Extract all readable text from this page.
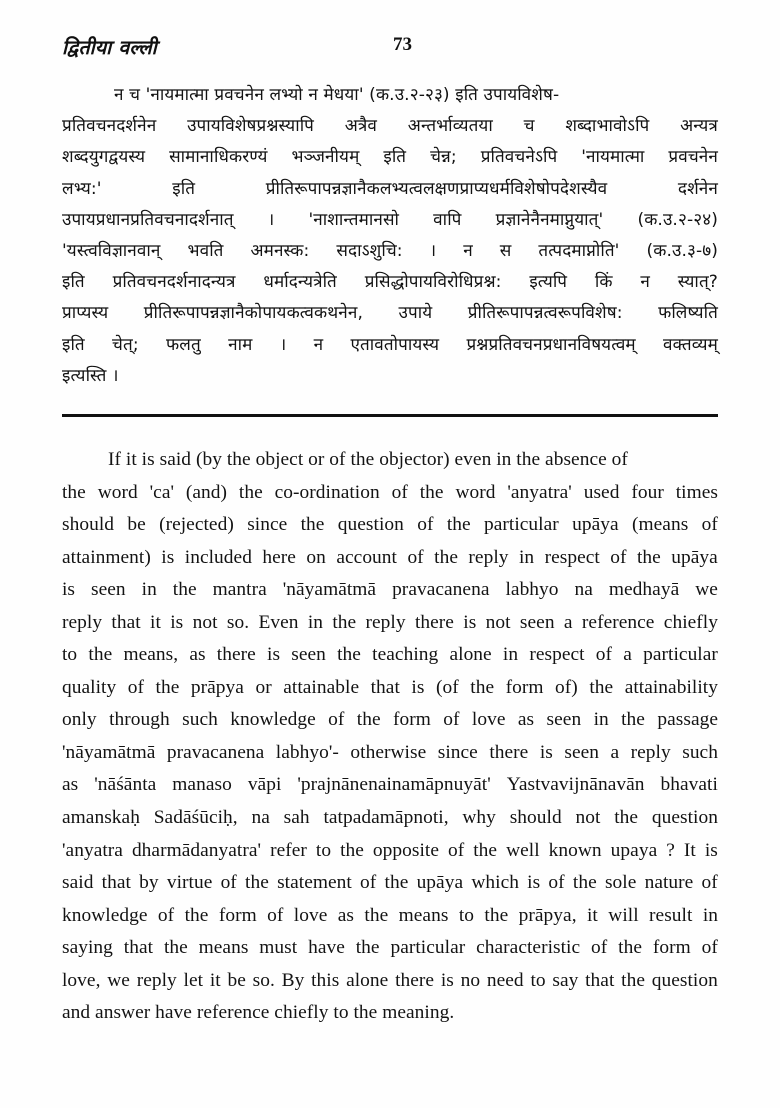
द्वितीया वल्ली	73
न च 'नायमात्मा प्रवचनेन लभ्यो न मेधया' (क.उ.२-२३) इति उपायविशेष-
प्रतिवचनदर्शनेन उपायविशेषप्रश्नस्यापि अत्रैव अन्तर्भाव्यतया च शब्दाभावोऽपि अन्यत्र
शब्दयुगद्वयस्य सामानाधिकरण्यं भञ्जनीयम् इति चेन्न; प्रतिवचनेऽपि 'नायमात्मा प्रवचनेन
लभ्य:'	इति	प्रीतिरूपापन्नज्ञानैकलभ्यत्वलक्षणप्राप्यधर्मविशेषोपदेशस्यैव	दर्शनेन
उपायप्रधानप्रतिवचनादर्शनात् । 'नाशान्तमानसो वापि प्रज्ञानेनैनमाप्नुयात्' (क.उ.२-२४)
'यस्त्वविज्ञानवान् भवति अमनस्क: सदाऽशुचि: । न स तत्पदमाप्नोति' (क.उ.३-७)
इति प्रतिवचनदर्शनादन्यत्र धर्मादन्यत्रेति प्रसिद्धोपायविरोधिप्रश्न: इत्यपि किं न स्यात्?
प्राप्यस्य प्रीतिरूपापन्नज्ञानैकोपायकत्वकथनेन, उपाये प्रीतिरूपापन्नत्वरूपविशेष: फलिष्यति
इति चेत्; फलतु नाम । न एतावतोपायस्य प्रश्नप्रतिवचनप्रधानविषयत्वम् वक्तव्यम्
इत्यस्ति ।
If it is said (by the object or of the objector) even in the absence of
the word 'ca' (and) the co-ordination of the word 'anyatra' used four times
should be (rejected) since the question of the particular upāya (means of
attainment) is included here on account of the reply in respect of the upāya
is seen in the mantra 'nāyamātmā pravacanena labhyo na medhayā we
reply that it is not so. Even in the reply there is not seen a reference chiefly
to the means, as there is seen the teaching alone in respect of a particular
quality of the prāpya or attainable that is (of the form of) the attainability
only through such knowledge of the form of love as seen in the passage
'nāyamātmā pravacanena labhyo'- otherwise since there is seen a reply such
as 'nāśānta manaso vāpi 'prajnānenainamāpnuyāt' Yastvavijnānavān bhavati
amanskaḥ Sadāśūciḥ, na sah tatpadamāpnoti, why should not the question
'anyatra dharmādanyatra' refer to the opposite of the well known upaya ? It is
said that by virtue of the statement of the upāya which is of the sole nature of
knowledge of the form of love as the means to the prāpya, it will result in
saying that the means must have the particular characteristic of the form of
love, we reply let it be so. By this alone there is no need to say that the question
and answer have reference chiefly to the meaning.
